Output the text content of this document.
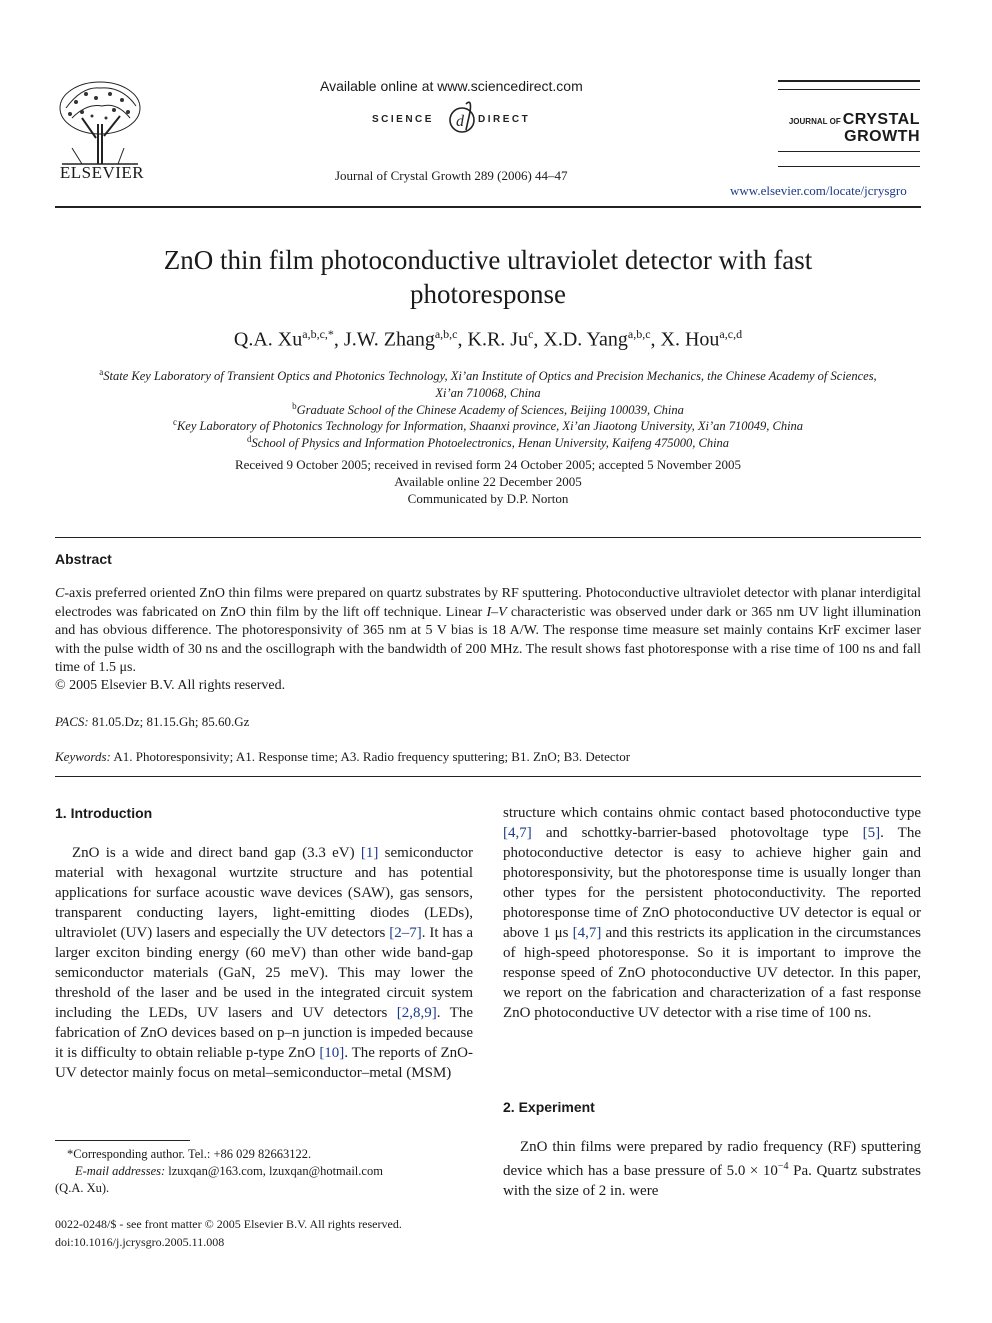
ELSEVIER
Available online at www.sciencedirect.com
SCIENCE d DIRECT
Journal of Crystal Growth 289 (2006) 44–47
JOURNAL OF CRYSTAL
GROWTH
www.elsevier.com/locate/jcrysgro
ZnO thin film photoconductive ultraviolet detector with fast
photoresponse
Q.A. $Xu^{a,b,c,*}$, J.W. Zhang$^{a,b,c}$, K.R. Ju$^c$, X.D. Yang$^{a,b,c}$, X. Hou$^{a,c,d}$
$^a$State Key Laboratory of Transient Optics and Photonics Technology, Xi’an Institute of Optics and Precision Mechanics, the Chinese Academy of Sciences,
Xi’an 710068, China
$^b$Graduate School of the Chinese Academy of Sciences, Beijing 100039, China
$^c$Key Laboratory of Photonics Technology for Information, Shaanxi province, Xi’an Jiaotong University, Xi’an 710049, China
$^d$School of Physics and Information Photoelectronics, Henan University, Kaifeng 475000, China
Received 9 October 2005; received in revised form 24 October 2005; accepted 5 November 2005
Available online 22 December 2005
Communicated by D.P. Norton
Abstract
C-axis preferred oriented ZnO thin films were prepared on quartz substrates by RF sputtering. Photoconductive ultraviolet detector with planar interdigital electrodes was fabricated on ZnO thin film by the lift off technique. Linear I–V characteristic was observed under dark or 365 nm UV light illumination and has obvious difference. The photoresponsivity of 365 nm at 5 V bias is 18 A/W. The response time measure set mainly contains KrF excimer laser with the pulse width of 30 ns and the oscillograph with the bandwidth of 200 MHz. The result shows fast photoresponse with a rise time of 100 ns and fall time of 1.5 μs.
© 2005 Elsevier B.V. All rights reserved.
PACS: 81.05.Dz; 81.15.Gh; 85.60.Gz
Keywords: A1. Photoresponsivity; A1. Response time; A3. Radio frequency sputtering; B1. ZnO; B3. Detector
1. Introduction

ZnO is a wide and direct band gap (3.3 eV) [1] semiconductor material with hexagonal wurtzite structure and has potential applications for surface acoustic wave devices (SAW), gas sensors, transparent conducting layers, light-emitting diodes (LEDs), ultraviolet (UV) lasers and especially the UV detectors [2–7]. It has a larger exciton binding energy (60 meV) than other wide band-gap semiconductor materials (GaN, 25 meV). This may lower the threshold of the laser and be used in the integrated circuit system including the LEDs, UV lasers and UV detectors [2,8,9]. The fabrication of ZnO devices based on p–n junction is impeded because it is difficulty to obtain reliable p-type ZnO [10]. The reports of ZnO-UV detector mainly focus on metal–semiconductor–metal (MSM)

structure which contains ohmic contact based photoconductive type [4,7] and schottky-barrier-based photovoltage type [5]. The photoconductive detector is easy to achieve higher gain and photoresponsivity, but the photoresponse time is usually longer than other types for the persistent photoconductivity. The reported photoresponse time of ZnO photoconductive UV detector is equal or above 1 μs [4,7] and this restricts its application in the circumstances of high-speed photoresponse. So it is important to improve the response speed of ZnO photoconductive UV detector. In this paper, we report on the fabrication and characterization of a fast response ZnO photoconductive UV detector with a rise time of 100 ns.

2. Experiment

ZnO thin films were prepared by radio frequency (RF) sputtering device which has a base pressure of $5.0 \times 10^{-4}$ Pa. Quartz substrates with the size of 2 in. were

*Corresponding author. Tel.: +86 029 82663122.
E-mail addresses: lzuxqan@163.com, lzuxqan@hotmail.com
(Q.A. Xu).
0022-0248/$ - see front matter © 2005 Elsevier B.V. All rights reserved.
doi:10.1016/j.jcrysgro.2005.11.008
